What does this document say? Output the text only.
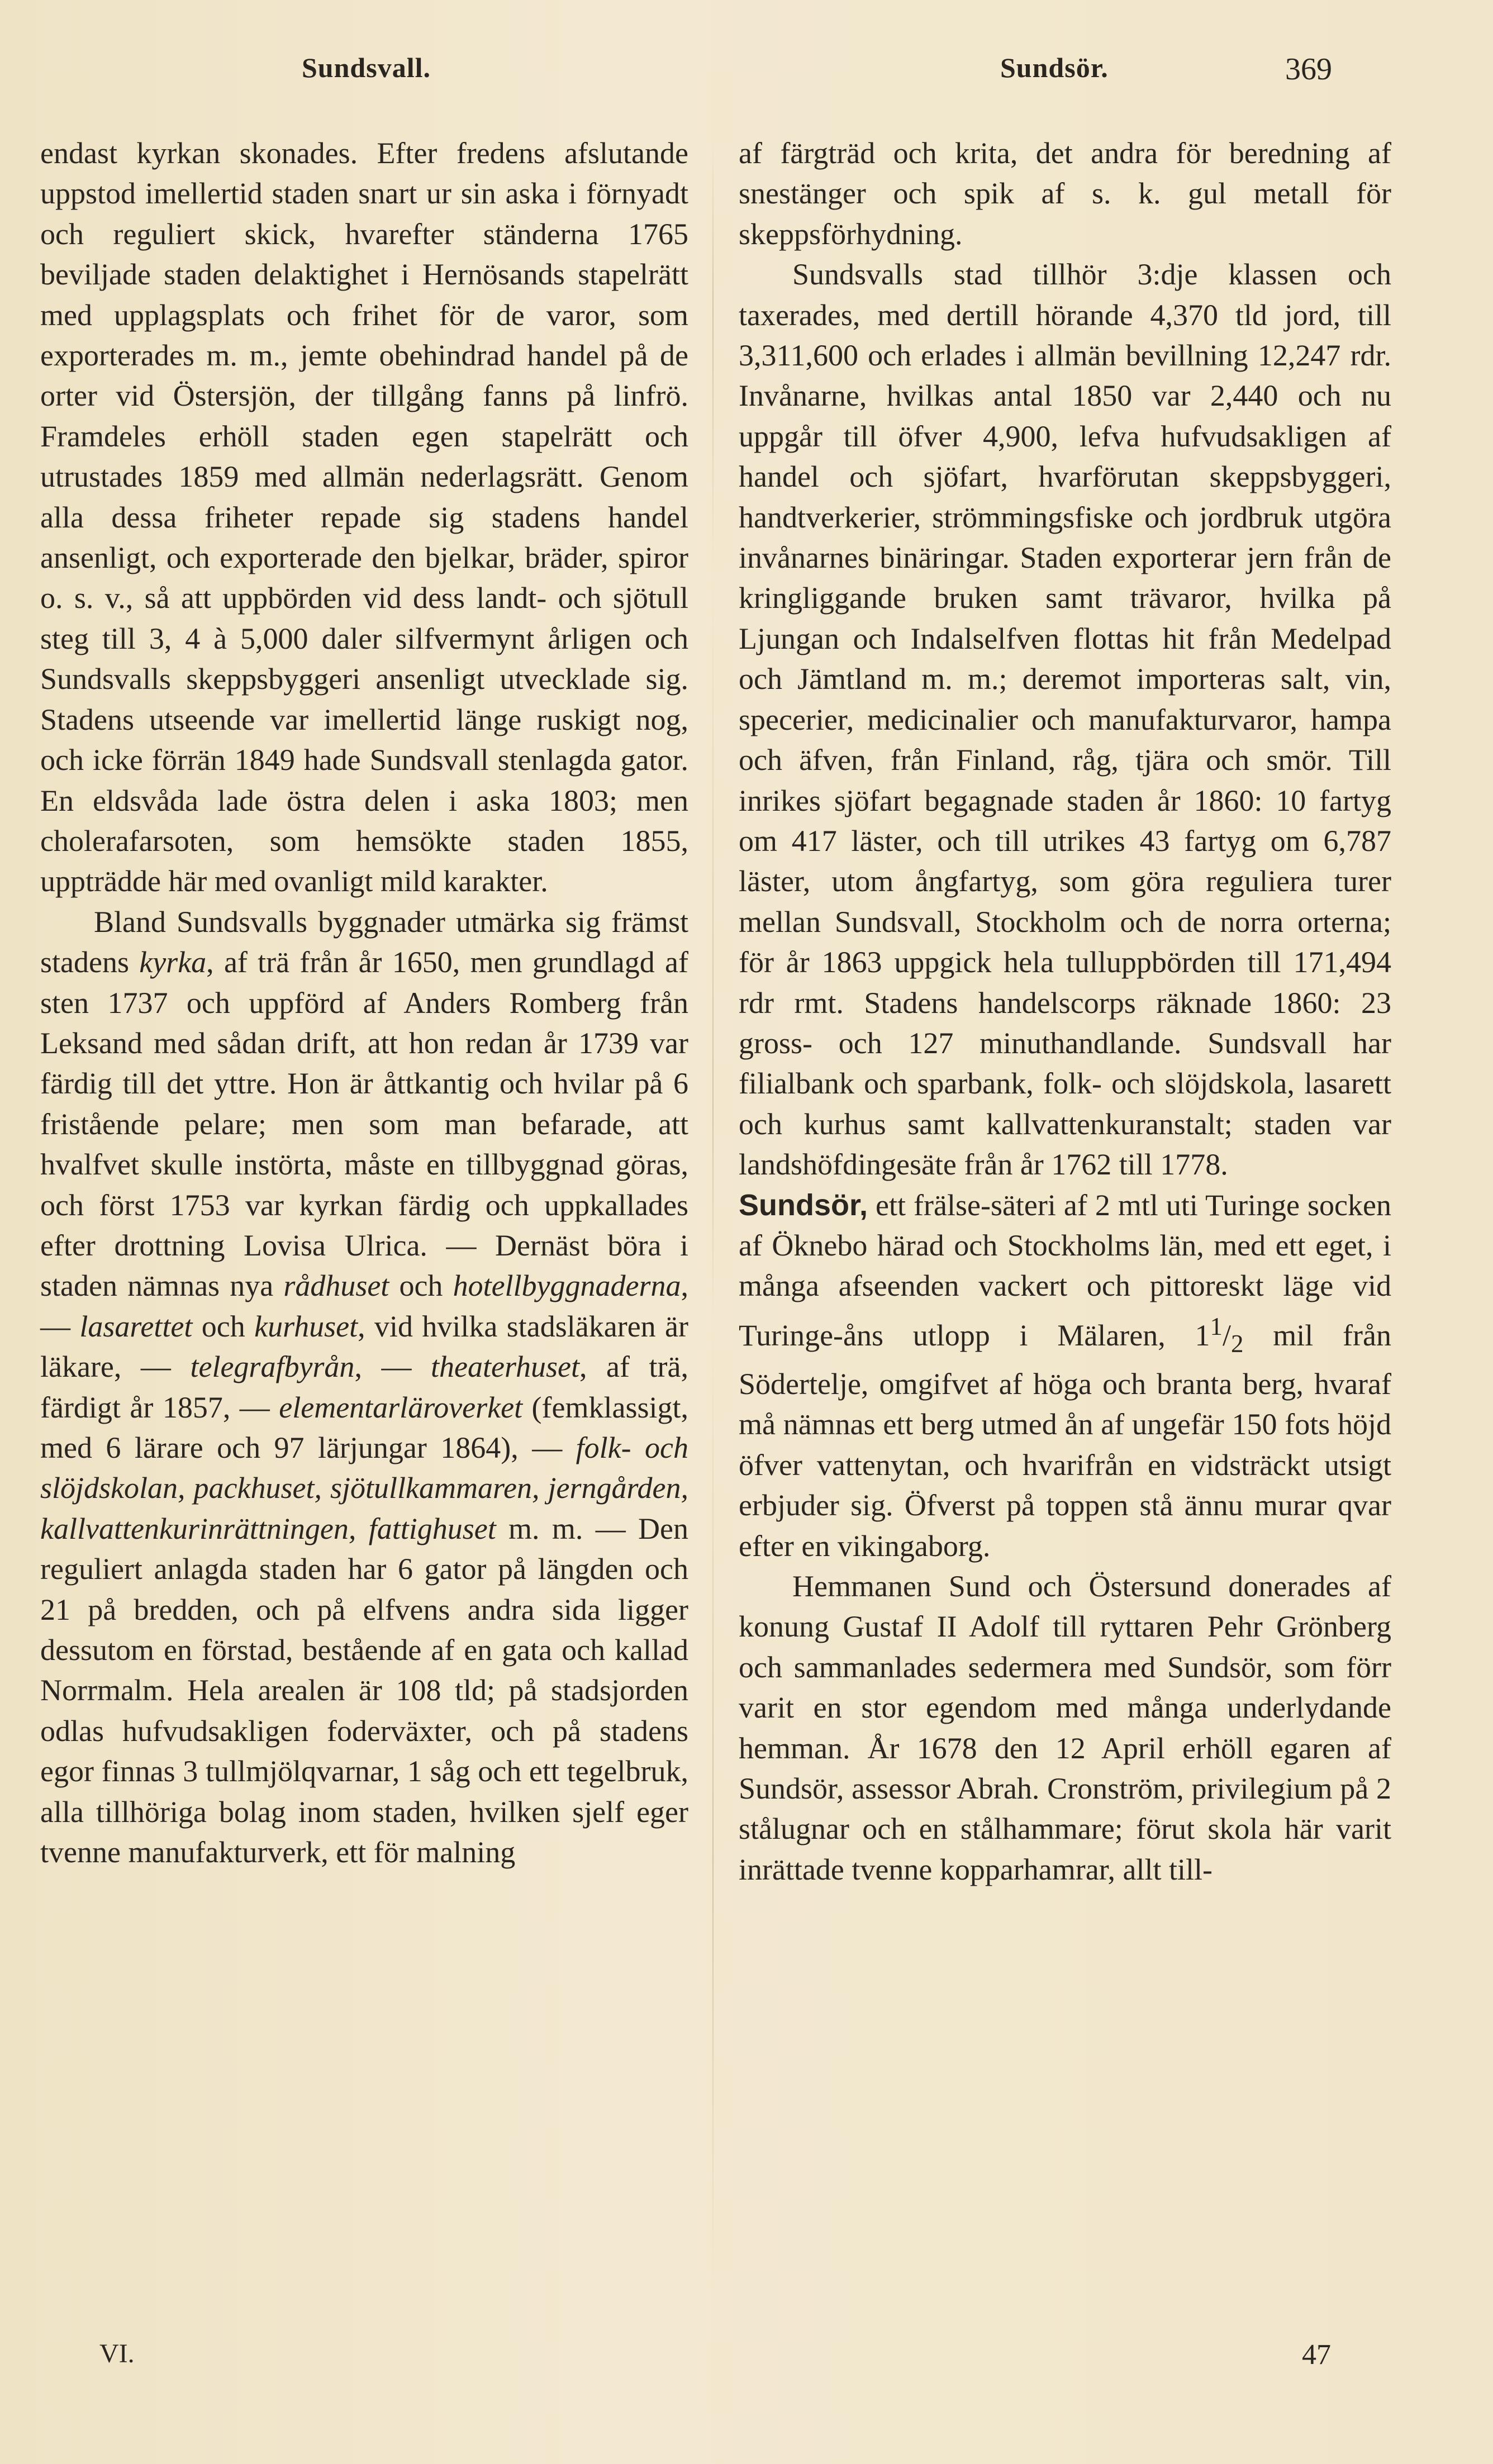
Sundsvall.	Sundsör.	369

endast kyrkan skonades. Efter fredens afslutande uppstod imellertid staden snart ur sin aska i förnyadt och reguliert skick, hvarefter ständerna 1765 beviljade staden delaktighet i Hernösands stapelrätt med upplagsplats och frihet för de varor, som exporterades m. m., jemte obehindrad handel på de orter vid Östersjön, der tillgång fanns på linfrö. Framdeles erhöll staden egen stapelrätt och utrustades 1859 med allmän nederlagsrätt. Genom alla dessa friheter repade sig stadens handel ansenligt, och exporterade den bjelkar, bräder, spiror o. s. v., så att uppbörden vid dess landt- och sjötull steg till 3, 4 à 5,000 daler silfvermynt årligen och Sundsvalls skeppsbyggeri ansenligt utvecklade sig. Stadens utseende var imellertid länge ruskigt nog, och icke förrän 1849 hade Sundsvall stenlagda gator. En eldsvåda lade östra delen i aska 1803; men cholerafarsoten, som hemsökte staden 1855, uppträdde här med ovanligt mild karakter.

Bland Sundsvalls byggnader utmärka sig främst stadens kyrka, af trä från år 1650, men grundlagd af sten 1737 och uppförd af Anders Romberg från Leksand med sådan drift, att hon redan år 1739 var färdig till det yttre. Hon är åttkantig och hvilar på 6 fristående pelare; men som man befarade, att hvalfvet skulle instörta, måste en tillbyggnad göras, och först 1753 var kyrkan färdig och uppkallades efter drottning Lovisa Ulrica. — Dernäst böra i staden nämnas nya rådhuset och hotellbyggnaderna, — lasarettet och kurhuset, vid hvilka stadsläkaren är läkare, — telegrafbyrån, — theaterhuset, af trä, färdigt år 1857, — elementarläroverket (femklassigt, med 6 lärare och 97 lärjungar 1864), — folk- och slöjdskolan, packhuset, sjötullkammaren, jerngården, kallvattenkurinrättningen, fattighuset m. m. — Den reguliert anlagda staden har 6 gator på längden och 21 på bredden, och på elfvens andra sida ligger dessutom en förstad, bestående af en gata och kallad Norrmalm. Hela arealen är 108 tld; på stadsjorden odlas hufvudsakligen foderväxter, och på stadens egor finnas 3 tullmjölqvarnar, 1 såg och ett tegelbruk, alla tillhöriga bolag inom staden, hvilken sjelf eger tvenne manufakturverk, ett för malning

af färgträd och krita, det andra för beredning af snestänger och spik af s. k. gul metall för skeppsförhydning.

Sundsvalls stad tillhör 3:dje klassen och taxerades, med dertill hörande 4,370 tld jord, till 3,311,600 och erlades i allmän bevillning 12,247 rdr. Invånarne, hvilkas antal 1850 var 2,440 och nu uppgår till öfver 4,900, lefva hufvudsakligen af handel och sjöfart, hvarförutan skeppsbyggeri, handtverkerier, strömmingsfiske och jordbruk utgöra invånarnes binäringar. Staden exporterar jern från de kringliggande bruken samt trävaror, hvilka på Ljungan och Indalselfven flottas hit från Medelpad och Jämtland m. m.; deremot importeras salt, vin, specerier, medicinalier och manufakturvaror, hampa och äfven, från Finland, råg, tjära och smör. Till inrikes sjöfart begagnade staden år 1860: 10 fartyg om 417 läster, och till utrikes 43 fartyg om 6,787 läster, utom ångfartyg, som göra reguliera turer mellan Sundsvall, Stockholm och de norra orterna; för år 1863 uppgick hela tulluppbörden till 171,494 rdr rmt. Stadens handelscorps räknade 1860: 23 gross- och 127 minuthandlande. Sundsvall har filialbank och sparbank, folk- och slöjdskola, lasarett och kurhus samt kallvattenkuranstalt; staden var landshöfdingesäte från år 1762 till 1778.

Sundsör, ett frälse-säteri af 2 mtl uti Turinge socken af Öknebo härad och Stockholms län, med ett eget, i många afseenden vackert och pittoreskt läge vid Turinge-åns utlopp i Mälaren, $1^1/_2$ mil från Södertelje, omgifvet af höga och branta berg, hvaraf må nämnas ett berg utmed ån af ungefär 150 fots höjd öfver vattenytan, och hvarifrån en vidsträckt utsigt erbjuder sig. Öfverst på toppen stå ännu murar qvar efter en vikingaborg.

Hemmanen Sund och Östersund donerades af konung Gustaf II Adolf till ryttaren Pehr Grönberg och sammanlades sedermera med Sundsör, som förr varit en stor egendom med många underlydande hemman. År 1678 den 12 April erhöll egaren af Sundsör, assessor Abrah. Cronström, privilegium på 2 stålugnar och en stålhammare; förut skola här varit inrättade tvenne kopparhamrar, allt till-

VI.	47
